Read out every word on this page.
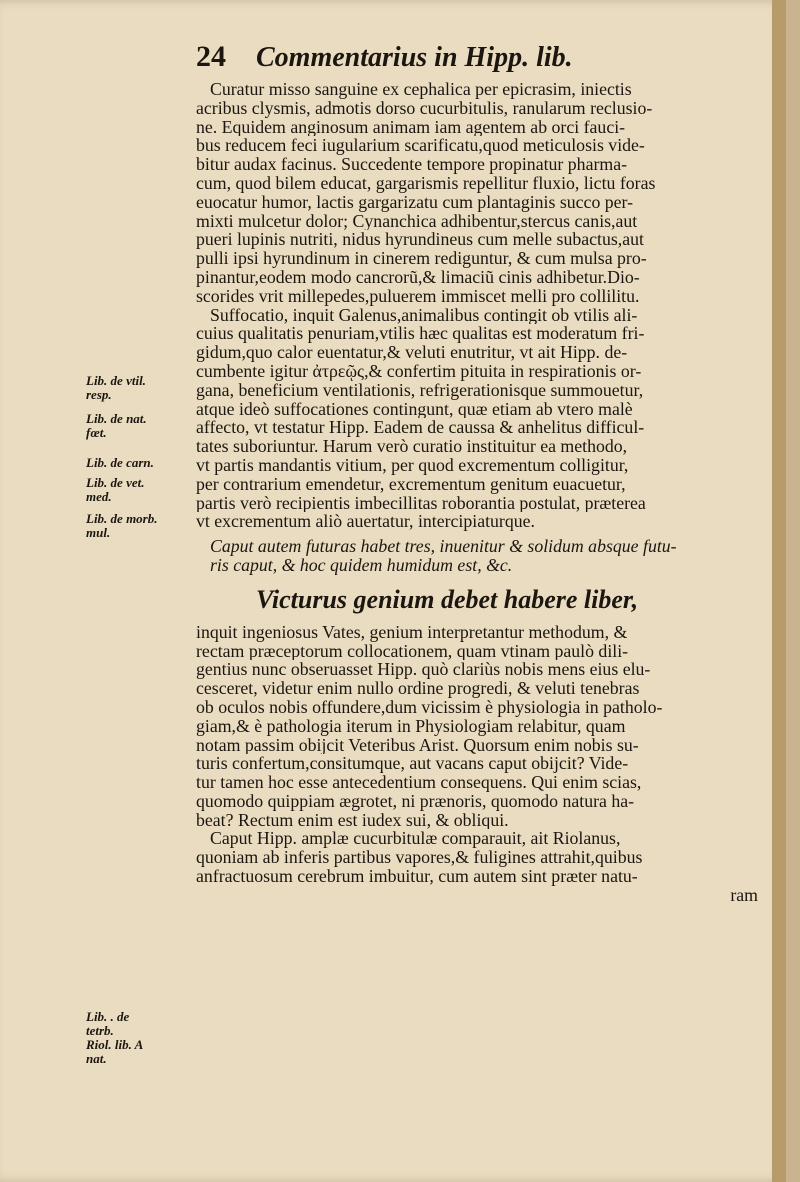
24 Commentarius in Hipp. lib.
Lib. de vtil.
resp.
Lib. de nat.
fœt.
Lib. de carn.
Lib. de vet.
med.
Lib. de morb.
mul.
Lib. . de
tetrb.
Riol. lib. A
nat.
Curatur misso sanguine ex cephalica per epicrasim, iniectis
acribus clysmis, admotis dorso cucurbitulis, ranularum reclusio-
ne. Equidem anginosum animam iam agentem ab orci fauci-
bus reducem feci iugularium scarificatu,quod meticulosis vide-
bitur audax facinus. Succedente tempore propinatur pharma-
cum, quod bilem educat, gargarismis repellitur fluxio, lictu foras
euocatur humor, lactis gargarizatu cum plantaginis succo per-
mixti mulcetur dolor; Cynanchica adhibentur,stercus canis,aut
pueri lupinis nutriti, nidus hyrundineus cum melle subactus,aut
pulli ipsi hyrundinum in cinerem rediguntur, & cum mulsa pro-
pinantur,eodem modo cancrorũ,& limaciũ cinis adhibetur.Dio-
scorides vrit millepedes,puluerem immiscet melli pro collilitu.
Suffocatio, inquit Galenus,animalibus contingit ob vtilis ali-
cuius qualitatis penuriam,vtilis hæc qualitas est moderatum fri-
gidum,quo calor euentatur,& veluti enutritur, vt ait Hipp. de-
cumbente igitur ἀτρεῷς,& confertim pituita in respirationis or-
gana, beneficium ventilationis, refrigerationisque summouetur,
atque ideò suffocationes contingunt, quæ etiam ab vtero malè
affecto, vt testatur Hipp. Eadem de caussa & anhelitus difficul-
tates suboriuntur. Harum verò curatio instituitur ea methodo,
vt partis mandantis vitium, per quod excrementum colligitur,
per contrarium emendetur, excrementum genitum euacuetur,
partis verò recipientis imbecillitas roborantia postulat, præterea
vt excrementum aliò auertatur, intercipiaturque.
Caput autem futuras habet tres, inuenitur & solidum absque futu-
ris caput, & hoc quidem humidum est, &c.
Victurus genium debet habere liber,
inquit ingeniosus Vates, genium interpretantur methodum, &
rectam præceptorum collocationem, quam vtinam paulò dili-
gentius nunc obseruasset Hipp. quò clariùs nobis mens eius elu-
cesceret, videtur enim nullo ordine progredi, & veluti tenebras
ob oculos nobis offundere,dum vicissim è physiologia in patholo-
giam,& è pathologia iterum in Physiologiam relabitur, quam
notam passim obijcit Veteribus Arist. Quorsum enim nobis su-
turis confertum,consitumque, aut vacans caput obijcit? Vide-
tur tamen hoc esse antecedentium consequens. Qui enim scias,
quomodo quippiam ægrotet, ni prænoris, quomodo natura ha-
beat? Rectum enim est iudex sui, & obliqui.
Caput Hipp. amplæ cucurbitulæ comparauit, ait Riolanus,
quoniam ab inferis partibus vapores,& fuligines attrahit,quibus
anfractuosum cerebrum imbuitur, cum autem sint præter natu-
ram
